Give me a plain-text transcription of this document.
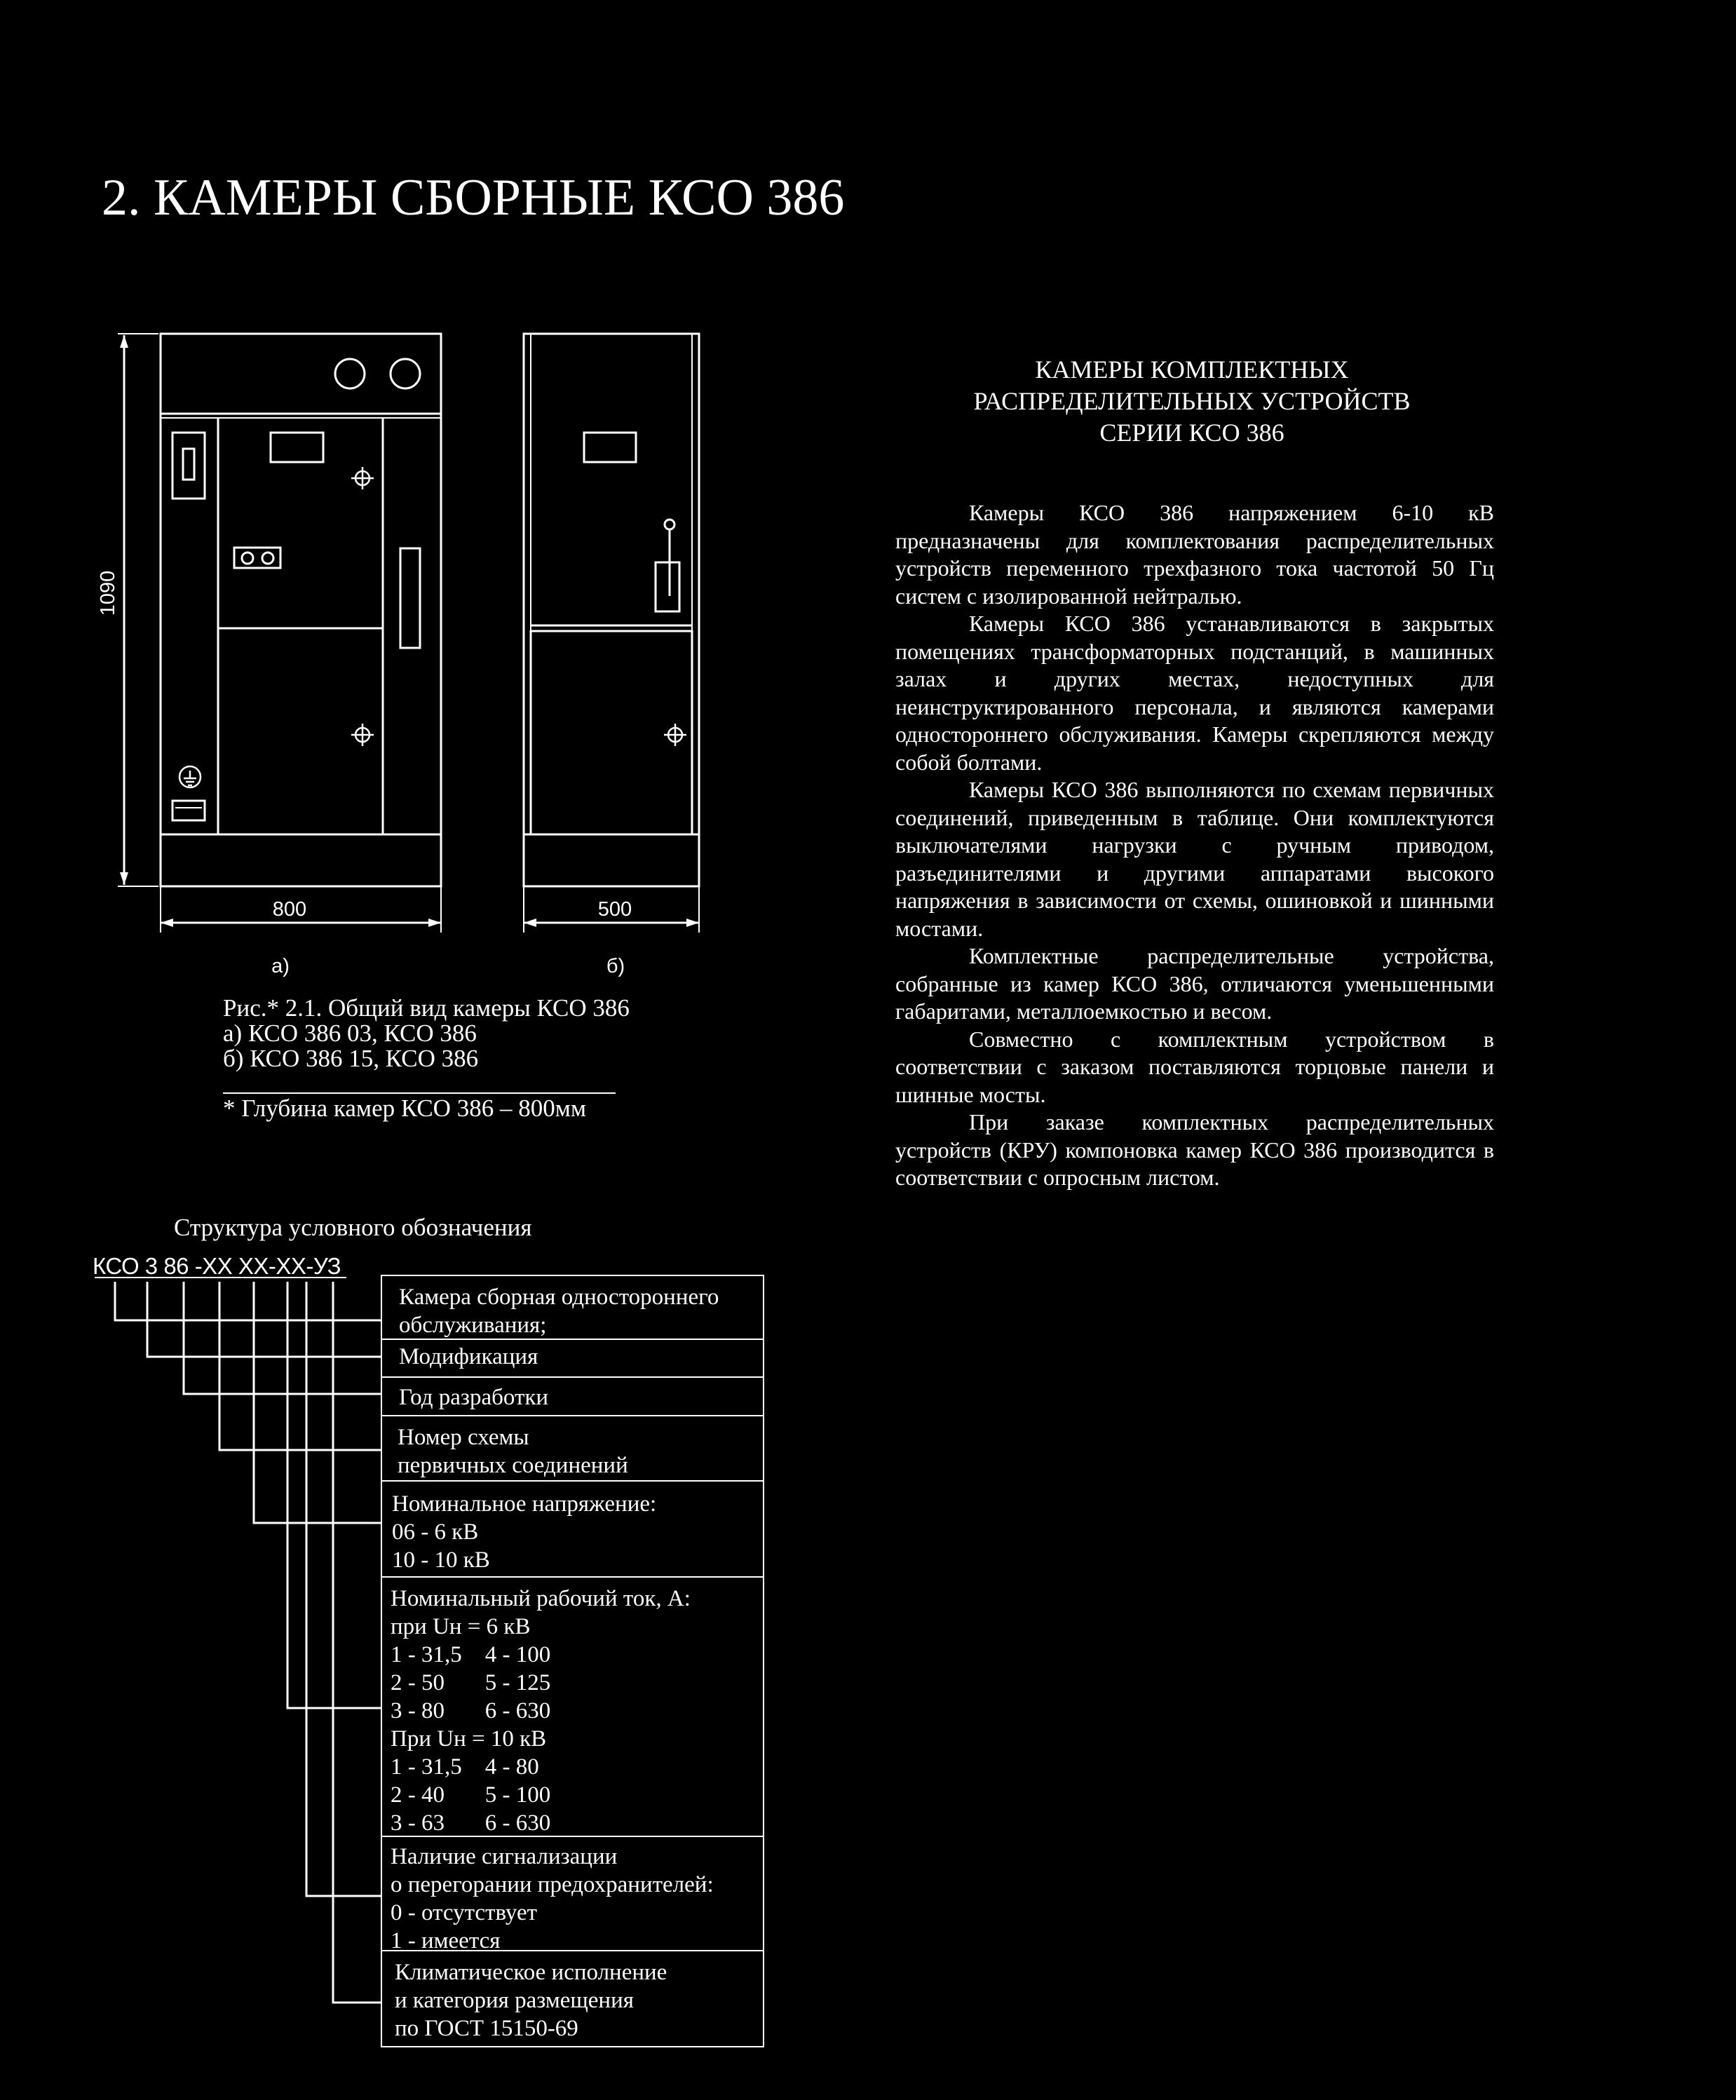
2. КАМЕРЫ СБОРНЫЕ КСО 386
1090
800	500
а)	б)
Рис.* 2.1. Общий вид камеры КСО 386
а) КСО 386 03, КСО 386
б) КСО 386 15, КСО 386
* Глубина камер КСО 386 – 800мм
КАМЕРЫ КОМПЛЕКТНЫХ
РАСПРЕДЕЛИТЕЛЬНЫХ УСТРОЙСТВ
СЕРИИ КСО 386

Камеры КСО 386 напряжением 6-10 кВ предназначены для комплектования распределительных устройств переменного трехфазного тока частотой 50 Гц систем с изолированной нейтралью.

Камеры КСО 386 устанавливаются в закрытых помещениях трансформаторных подстанций, в машинных залах и других местах, недоступных для неинструктированного персонала, и являются камерами одностороннего обслуживания. Камеры скрепляются между собой болтами.

Камеры КСО 386 выполняются по схемам первичных соединений, приведенным в таблице. Они комплектуются выключателями нагрузки с ручным приводом, разъединителями и другими аппаратами высокого напряжения в зависимости от схемы, ошиновкой и шинными мостами.

Комплектные распределительные устройства, собранные из камер КСО 386, отличаются уменьшенными габаритами, металлоемкостью и весом.

Совместно с комплектным устройством в соответствии с заказом поставляются торцовые панели и шинные мосты.

При заказе комплектных распределительных устройств (КРУ) компоновка камер КСО 386 производится в соответствии с опросным листом.

Структура условного обозначения
КСО 3 86 -ХХ ХХ-ХХ-УЗ
Камера сборная одностороннего
обслуживания;
Модификация
Год разработки
Номер схемы
первичных соединений
Номинальное напряжение:
06 - 6 кВ
10 - 10 кВ
Номинальный рабочий ток, А:
при Uн = 6 кВ
1 - 31,5    4 - 100
2 - 50       5 - 125
3 - 80       6 - 630
При Uн = 10 кВ
1 - 31,5    4 - 80
2 - 40       5 - 100
3 - 63       6 - 630
Наличие сигнализации
о перегорании предохранителей:
0 - отсутствует
1 - имеется
Климатическое исполнение
и категория размещения
по ГОСТ 15150-69
